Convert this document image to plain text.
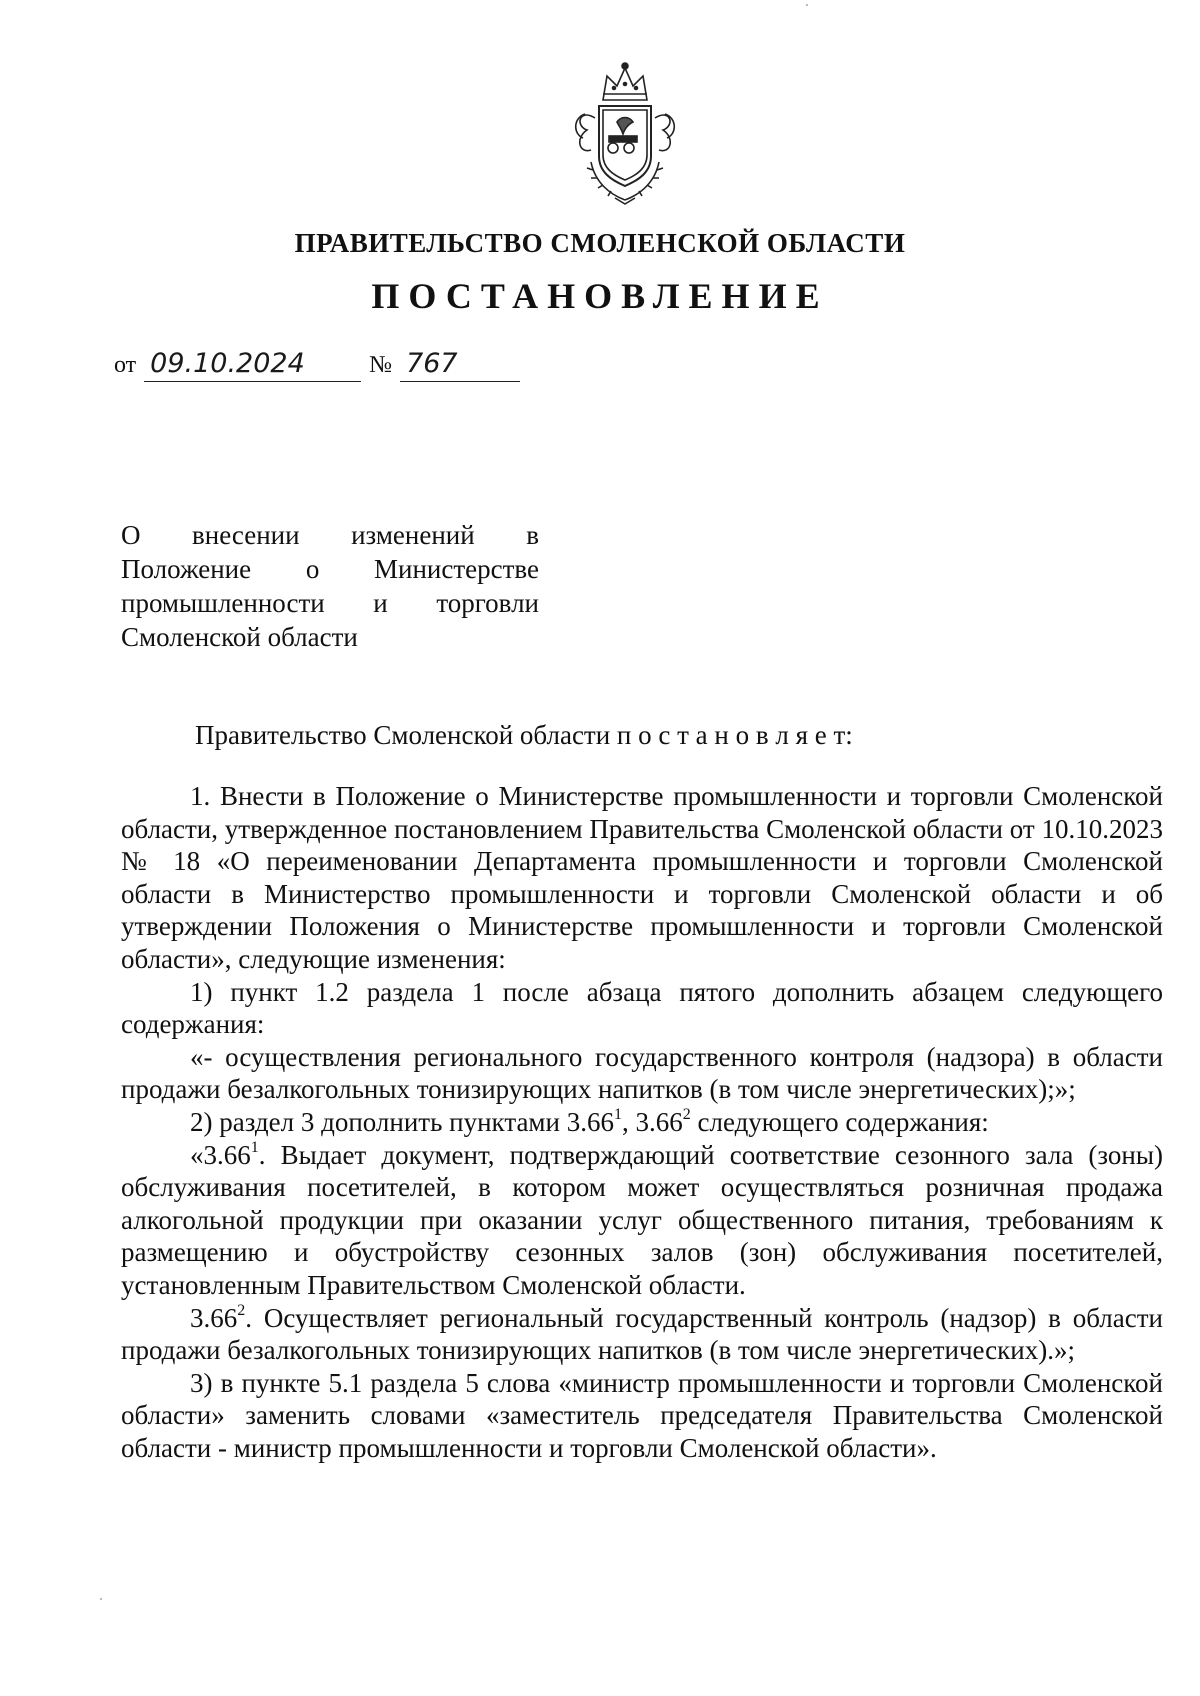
ПРАВИТЕЛЬСТВО СМОЛЕНСКОЙ ОБЛАСТИ
ПОСТАНОВЛЕНИЕ
от 09.10.2024	№ 767
О внесении изменений в
Положение о Министерстве
промышленности и торговли
Смоленской области
Правительство Смоленской области п о с т а н о в л я е т:

1. Внести в Положение о Министерстве промышленности и торговли Смоленской области, утвержденное постановлением Правительства Смоленской области от 10.10.2023 № 18 «О переименовании Департамента промышленности и торговли Смоленской области в Министерство промышленности и торговли Смоленской области и об утверждении Положения о Министерстве промышленности и торговли Смоленской области», следующие изменения:

1) пункт 1.2 раздела 1 после абзаца пятого дополнить абзацем следующего содержания:

«- осуществления регионального государственного контроля (надзора) в области продажи безалкогольных тонизирующих напитков (в том числе энергетических);»;

2) раздел 3 дополнить пунктами 3.66$^1$, 3.66$^2$ следующего содержания:

«3.66$^1$. Выдает документ, подтверждающий соответствие сезонного зала (зоны) обслуживания посетителей, в котором может осуществляться розничная продажа алкогольной продукции при оказании услуг общественного питания, требованиям к размещению и обустройству сезонных залов (зон) обслуживания посетителей, установленным Правительством Смоленской области.

3.66$^2$. Осуществляет региональный государственный контроль (надзор) в области продажи безалкогольных тонизирующих напитков (в том числе энергетических).»;

3) в пункте 5.1 раздела 5 слова «министр промышленности и торговли Смоленской области» заменить словами «заместитель председателя Правительства Смоленской области - министр промышленности и торговли Смоленской области».
